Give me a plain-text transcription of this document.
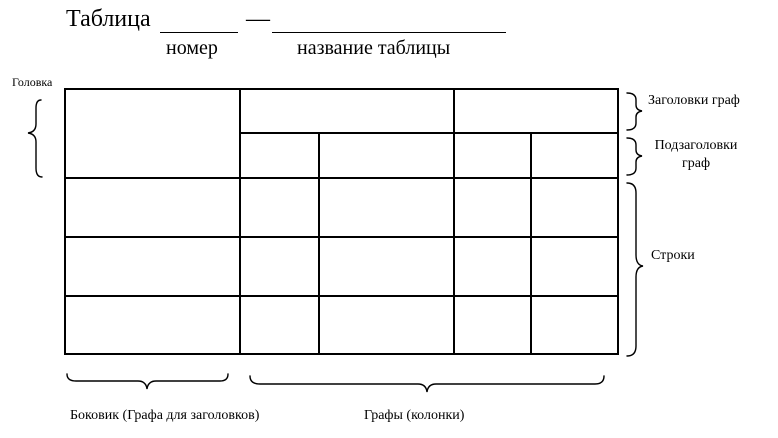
Таблица	—
номер	название таблицы
Головка
Заголовки граф
Подзаголовки
граф
Строки
Боковик (Графа для заголовков)	Графы (колонки)
